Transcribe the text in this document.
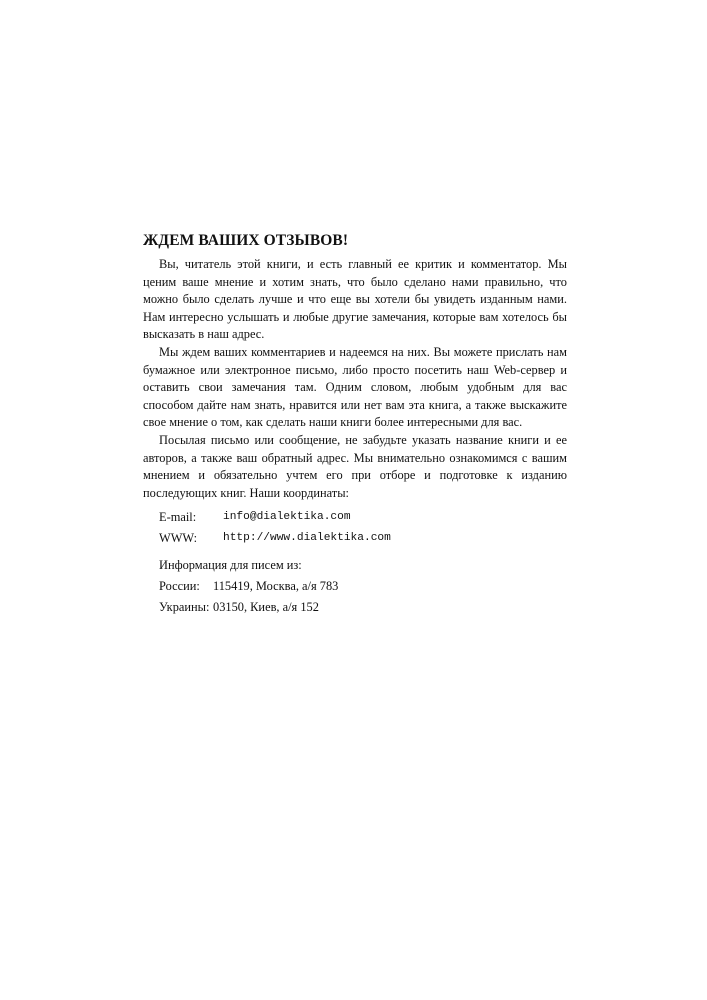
ЖДЕМ ВАШИХ ОТЗЫВОВ!

Вы, читатель этой книги, и есть главный ее критик и комментатор. Мы ценим ваше мнение и хотим знать, что было сделано нами правильно, что можно было сделать лучше и что еще вы хотели бы увидеть изданным нами. Нам интересно услышать и любые другие замечания, которые вам хотелось бы высказать в наш адрес.

Мы ждем ваших комментариев и надеемся на них. Вы можете прислать нам бумажное или электронное письмо, либо просто посетить наш Web-сервер и оставить свои замечания там. Одним словом, любым удобным для вас способом дайте нам знать, нравится или нет вам эта книга, а также выскажите свое мнение о том, как сделать наши книги более интересными для вас.

Посылая письмо или сообщение, не забудьте указать название книги и ее авторов, а также ваш обратный адрес. Мы внимательно ознакомимся с вашим мнением и обязательно учтем его при отборе и подготовке к изданию последующих книг. Наши координаты:

E-mail:	info@dialektika.com
WWW:	http://www.dialektika.com
Информация для писем из:
России:	115419, Москва, а/я 783
Украины: 03150, Киев, а/я 152
